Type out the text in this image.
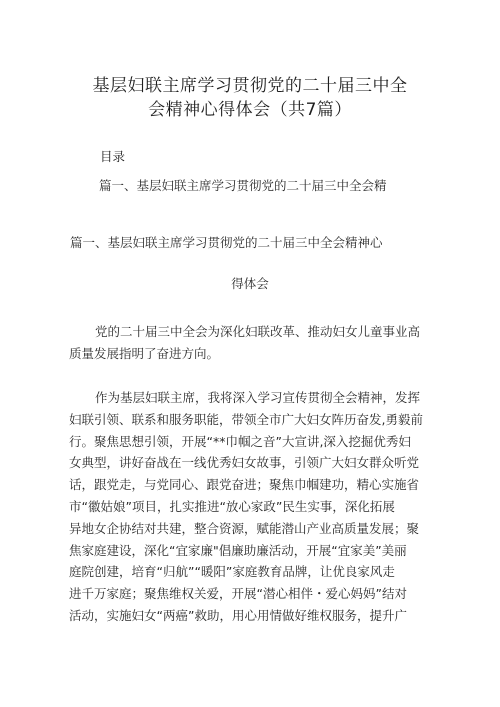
基层妇联主席学习贯彻党的二十届三中全
会精神心得体会（共7篇）
目录
篇一、基层妇联主席学习贯彻党的二十届三中全会精
篇一、基层妇联主席学习贯彻党的二十届三中全会精神心
得体会
党的二十届三中全会为深化妇联改革、推动妇女儿童事业高
质量发展指明了奋进方向。
作为基层妇联主席，我将深入学习宣传贯彻全会精神，发挥
妇联引领、联系和服务职能，带领全市广大妇女阵历奋发,勇毅前
行。聚焦思想引领，开展“**巾帼之音”大宣讲,深入挖掘优秀妇
女典型，讲好奋战在一线优秀妇女故事，引领广大妇女群众听党
话，跟党走，与党同心、跟党奋进；聚焦巾帼建功，精心实施省
市“徽姑娘”项目，扎实推进“放心家政”民生实事，深化拓展
异地女企协结对共建，整合资源，赋能潜山产业高质量发展；聚
焦家庭建设，深化“宜家廉"倡廉助廉活动，开展“宜家美”美丽
庭院创建，培育“归航”“暖阳”家庭教育品牌，让优良家风走
进千万家庭；聚焦维权关爱，开展“潜心相伴・爱心妈妈”结对
活动，实施妇女“两癌”救助，用心用情做好维权服务，提升广
